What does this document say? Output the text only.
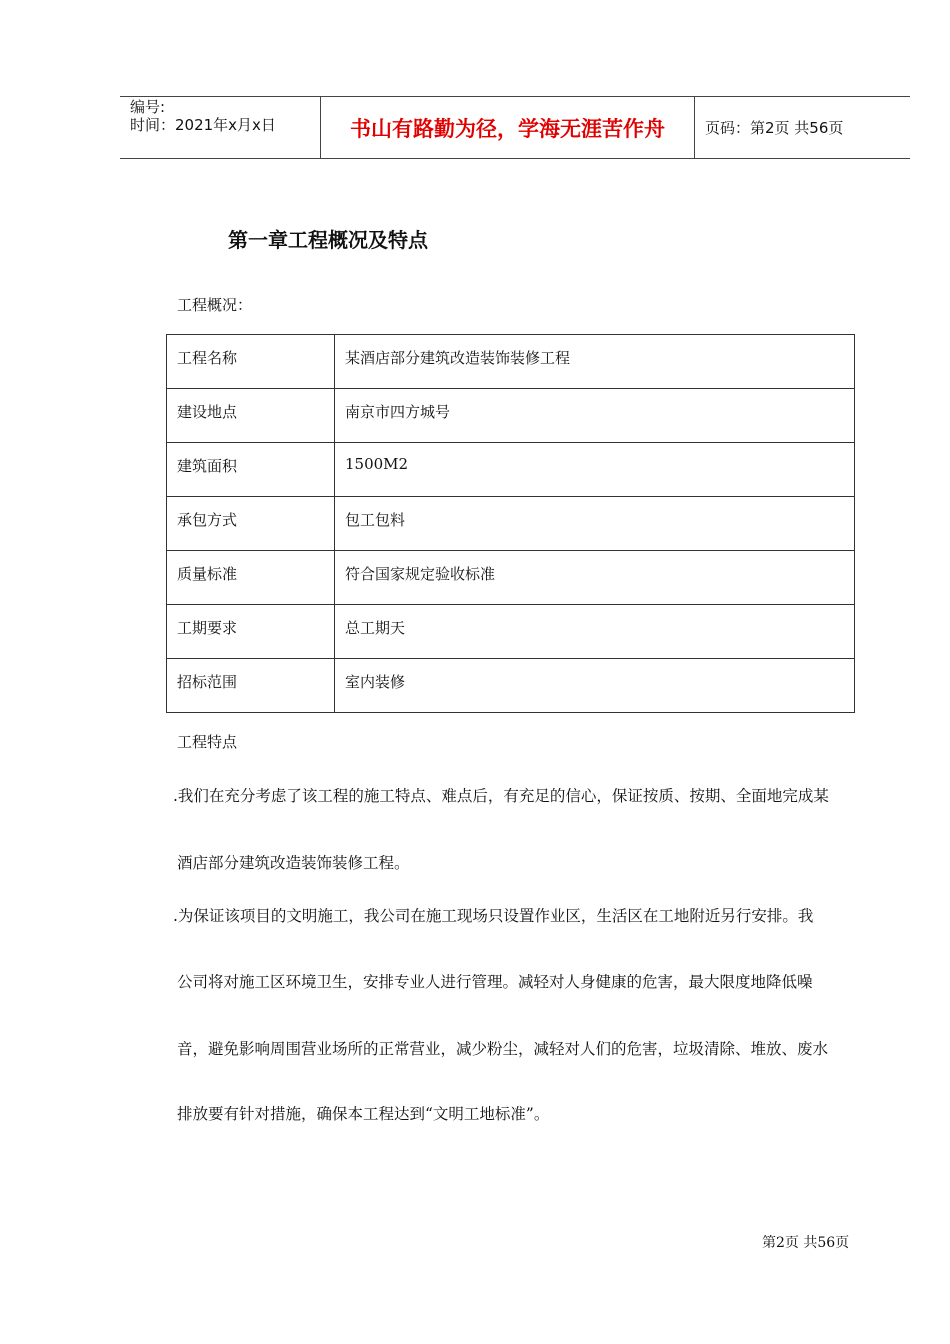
编号:
时间：2021年x月x日	书山有路勤为径，学海无涯苦作舟	页码：第2页 共56页
第一章工程概况及特点
工程概况：
工程名称	某酒店部分建筑改造装饰装修工程
建设地点	南京市四方城号
建筑面积	1500M2
承包方式	包工包料
质量标准	符合国家规定验收标准
工期要求	总工期天
招标范围	室内装修
工程特点
.我们在充分考虑了该工程的施工特点、难点后，有充足的信心，保证按质、按期、全面地完成某
酒店部分建筑改造装饰装修工程。
.为保证该项目的文明施工，我公司在施工现场只设置作业区，生活区在工地附近另行安排。我
公司将对施工区环境卫生，安排专业人进行管理。减轻对人身健康的危害，最大限度地降低噪
音，避免影响周围营业场所的正常营业，减少粉尘，减轻对人们的危害，垃圾清除、堆放、废水
排放要有针对措施，确保本工程达到“文明工地标准”。
第2页 共56页
